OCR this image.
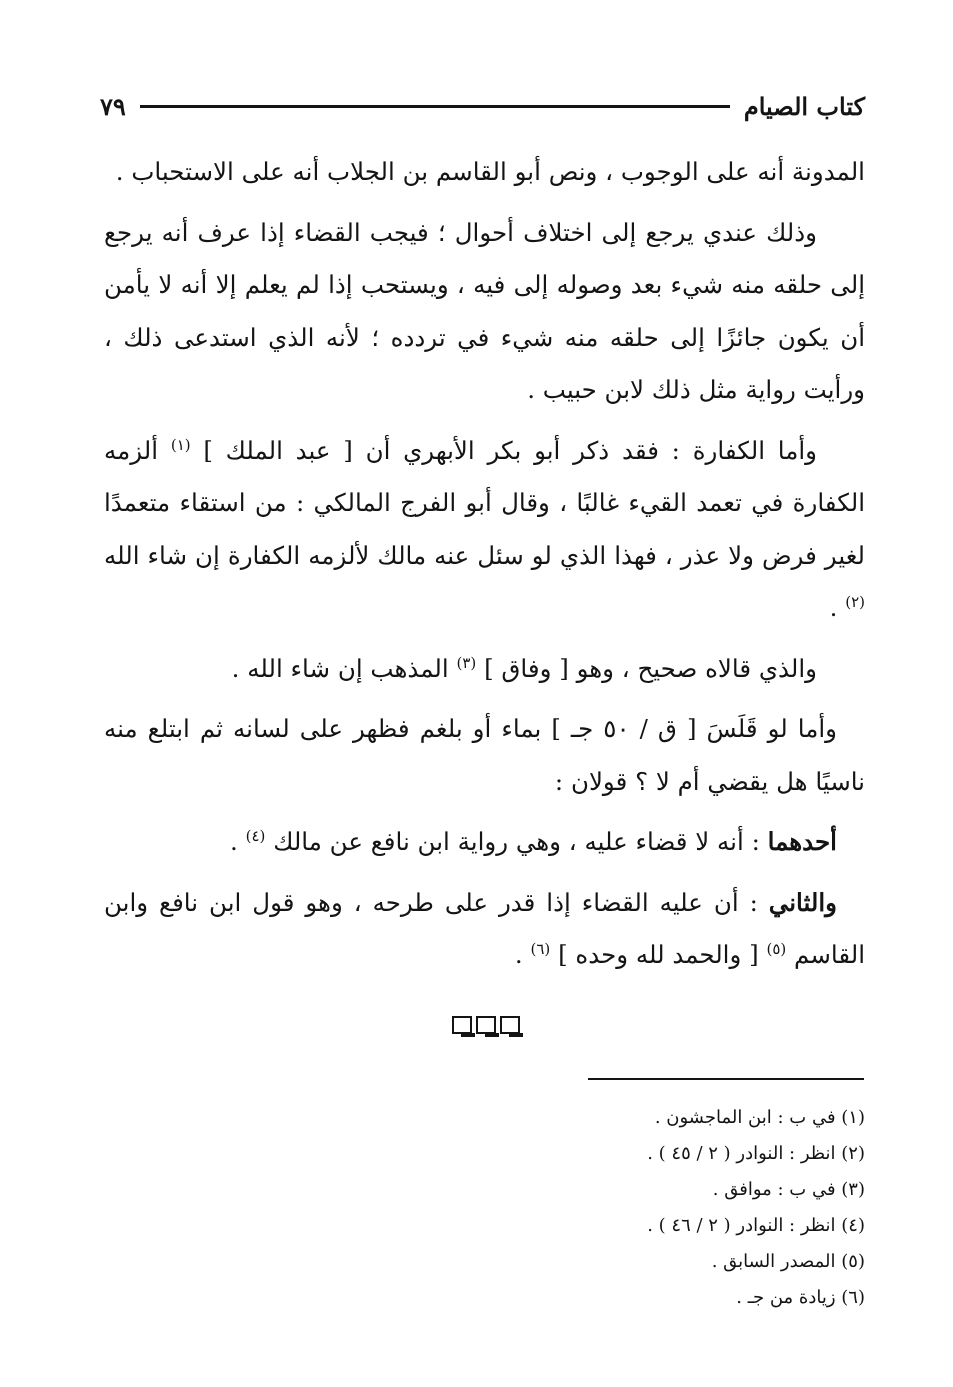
كتاب الصيام
٧٩

المدونة أنه على الوجوب ، ونص أبو القاسم بن الجلاب أنه على الاستحباب .

وذلك عندي يرجع إلى اختلاف أحوال ؛ فيجب القضاء إذا عرف أنه يرجع إلى حلقه منه شيء بعد وصوله إلى فيه ، ويستحب إذا لم يعلم إلا أنه لا يأمن أن يكون جائزًا إلى حلقه منه شيء في تردده ؛ لأنه الذي استدعى ذلك ، ورأيت رواية مثل ذلك لابن حبيب .

وأما الكفارة : فقد ذكر أبو بكر الأبهري أن [ عبد الملك ] $^{(١)}$ ألزمه الكفارة في تعمد القيء غالبًا ، وقال أبو الفرج المالكي : من استقاء متعمدًا لغير فرض ولا عذر ، فهذا الذي لو سئل عنه مالك لألزمه الكفارة إن شاء الله $^{(٢)}$ .

والذي قالاه صحيح ، وهو [ وفاق ] $^{(٣)}$ المذهب إن شاء الله .

وأما لو قَلَسَ [ ق / ٥٠ جـ ] بماء أو بلغم فظهر على لسانه ثم ابتلع منه ناسيًا هل يقضي أم لا ؟ قولان :

أحدهما : أنه لا قضاء عليه ، وهي رواية ابن نافع عن مالك $^{(٤)}$ .

والثاني : أن عليه القضاء إذا قدر على طرحه ، وهو قول ابن نافع وابن القاسم $^{(٥)}$ [ والحمد لله وحده ] $^{(٦)}$ .

(١) في ب : ابن الماجشون .
(٢) انظر : النوادر ( ٢ / ٤٥ ) .
(٣) في ب : موافق .
(٤) انظر : النوادر ( ٢ / ٤٦ ) .
(٥) المصدر السابق .
(٦) زيادة من جـ .
